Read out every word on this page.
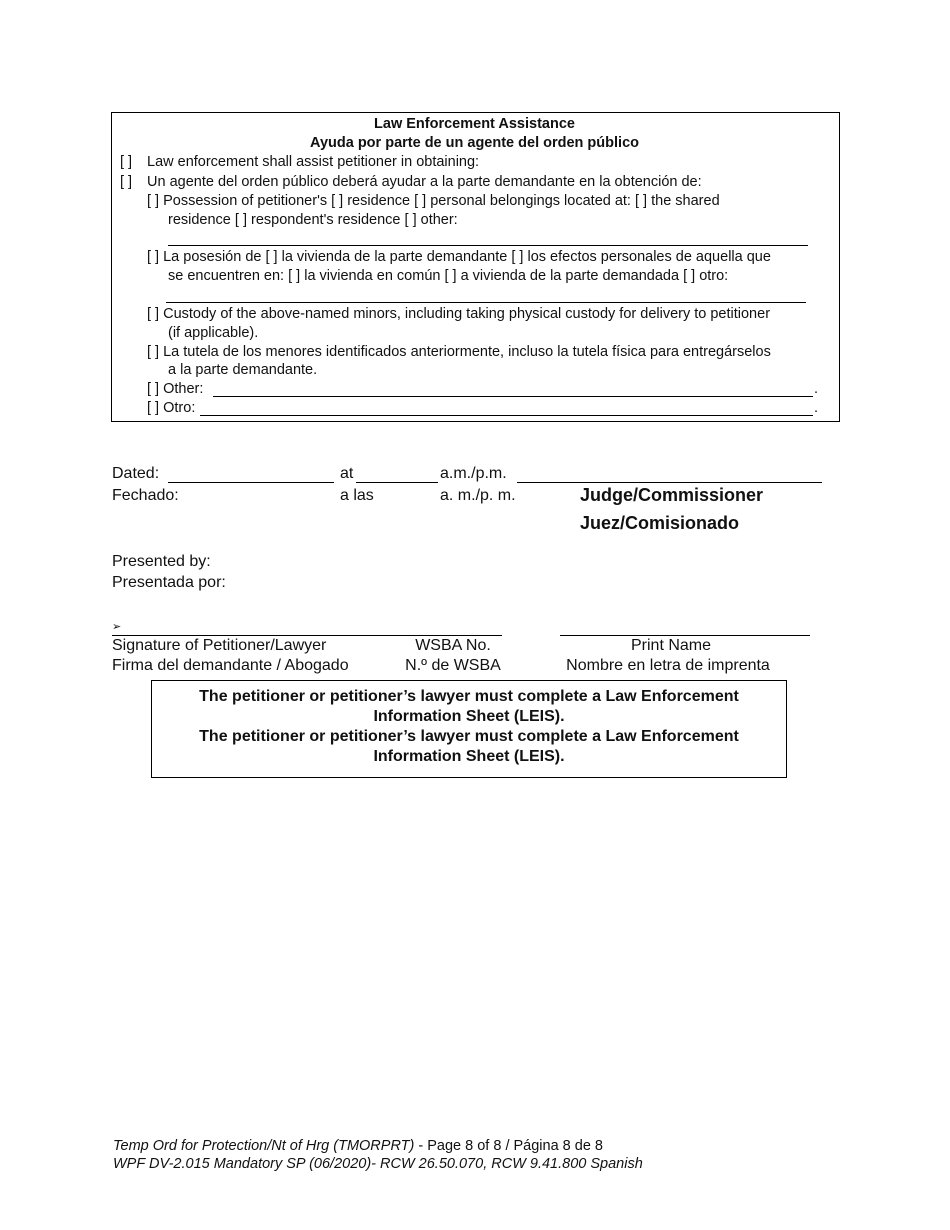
Law Enforcement Assistance
Ayuda por parte de un agente del orden público
[ ] Law enforcement shall assist petitioner in obtaining:
[ ] Un agente del orden público deberá ayudar a la parte demandante en la obtención de:
[ ] Possession of petitioner's [ ] residence [ ] personal belongings located at: [ ] the shared
residence [ ] respondent's residence [ ] other:
[ ] La posesión de [ ] la vivienda de la parte demandante [ ] los efectos personales de aquella que
se encuentren en: [ ] la vivienda en común [ ] a vivienda de la parte demandada [ ] otro:
[ ] Custody of the above-named minors, including taking physical custody for delivery to petitioner
(if applicable).
[ ] La tutela de los menores identificados anteriormente, incluso la tutela física para entregárselos
a la parte demandante.
[ ] Other:	.
[ ] Otro:	.
Dated:	at	a.m./p.m.
Fechado:	a las	a. m./p. m.	Judge/Commissioner
Juez/Comisionado
Presented by:
Presentada por:
➢
Signature of Petitioner/Lawyer	WSBA No.	Print Name
Firma del demandante / Abogado	N.º de WSBA	Nombre en letra de imprenta
The petitioner or petitioner’s lawyer must complete a Law Enforcement
Information Sheet (LEIS).
The petitioner or petitioner’s lawyer must complete a Law Enforcement
Information Sheet (LEIS).
Temp Ord for Protection/Nt of Hrg (TMORPRT) - Page 8 of 8 / Página 8 de 8
WPF DV-2.015 Mandatory SP (06/2020)- RCW 26.50.070, RCW 9.41.800 Spanish
